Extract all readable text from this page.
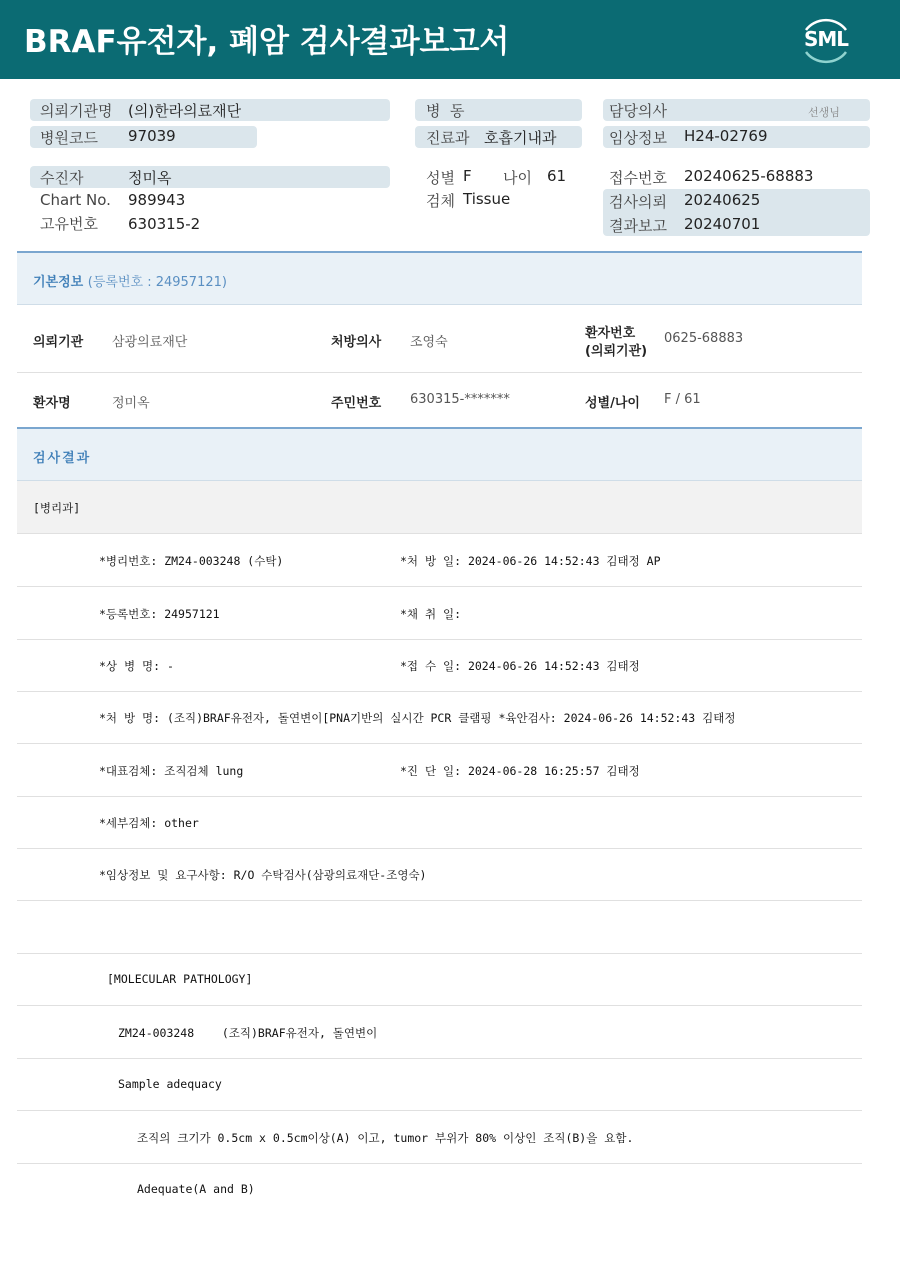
BRAF유전자, 폐암 검사결과보고서	SML
의뢰기관명 (의)한라의료재단
병원코드 97039
병  동
진료과 호흡기내과
담당의사	선생님
임상정보 H24-02769
수진자	정미옥
Chart No. 989943
고유번호 630315-2
성별 F 나이 61
검체 Tissue
접수번호 20240625-68883
검사의뢰 20240625
결과보고 20240701
기본정보 (등록번호 : 24957121)
의뢰기관 삼광의료재단	처방의사 조영숙
환자번호
(의뢰기관)
0625-68883
환자명	정미옥	주민번호 630315-*******	성별/나이 F / 61
검사결과
[병리과]
*병리번호: ZM24-003248 (수탁)	*처 방 일: 2024-06-26 14:52:43 김태정 AP
*등록번호: 24957121	*채 취 일:
*상 병 명: -	*접 수 일: 2024-06-26 14:52:43 김태정
*처 방 명: (조직)BRAF유전자, 돌연변이[PNA기반의 실시간 PCR 클램핑 *육안검사: 2024-06-26 14:52:43 김태정
*대표검체: 조직검체 lung	*진 단 일: 2024-06-28 16:25:57 김태정
*세부검체: other
*임상정보 및 요구사항: R/O 수탁검사(삼광의료재단-조영숙)
[MOLECULAR PATHOLOGY]
ZM24-003248    (조직)BRAF유전자, 돌연변이
Sample adequacy
조직의 크기가 0.5cm x 0.5cm이상(A) 이고, tumor 부위가 80% 이상인 조직(B)을 요함.
Adequate(A and B)
